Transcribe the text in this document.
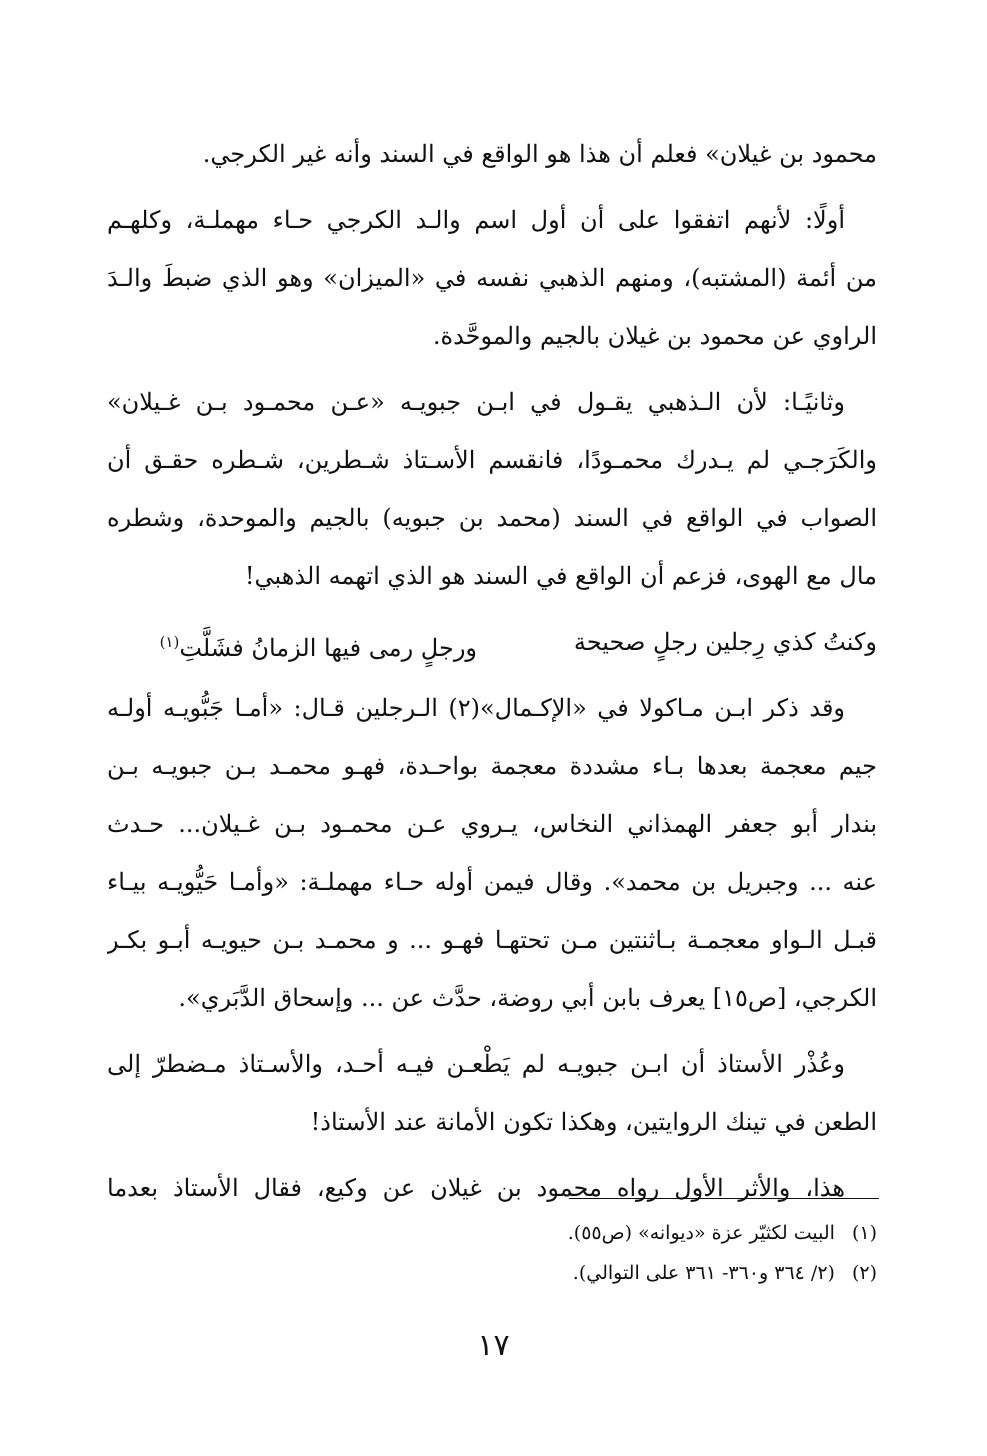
محمود بن غيلان» فعلم أن هذا هو الواقع في السند وأنه غير الكرجي.
أولًا: لأنهم اتفقوا على أن أول اسم والـد الكرجي حـاء مهملـة، وكلهـم
من أئمة (المشتبه)، ومنهم الذهبي نفسه في «الميزان» وهو الذي ضبطَ والـدَ
الراوي عن محمود بن غيلان بالجيم والموحَّدة.
وثانيًـا: لأن الـذهبي يقـول في ابـن جبويـه «عـن محمـود بـن غـيلان»
والكَرَجـي لم يـدرك محمـودًا، فانقسم الأسـتاذ شـطرين، شـطره حقـق أن
الصواب في الواقع في السند (محمد بن جبويه) بالجيم والموحدة، وشطره
مال مع الهوى، فزعم أن الواقع في السند هو الذي اتهمه الذهبي!
وكنتُ كذي رِجلين رجلٍ صحيحة
ورجلٍ رمى فيها الزمانُ فشَلَّتِ$^{(١)}$
وقد ذكر ابـن مـاكولا في «الإكـمال»(٢) الـرجلين قـال: «أمـا جَبُّويـه أولـه
جيم معجمة بعدها بـاء مشددة معجمة بواحـدة، فهـو محمـد بـن جبويـه بـن
بندار أبو جعفر الهمذاني النخاس، يـروي عـن محمـود بـن غـيلان... حـدث
عنه ... وجبريل بن محمد». وقال فيمن أوله حـاء مهملـة: «وأمـا حَيُّويـه بيـاء
قبـل الـواو معجمـة بـاثنتين مـن تحتهـا فهـو ... و محمـد بـن حيويـه أبـو بكـر
الكرجي، [ص١٥] يعرف بابن أبي روضة، حدَّث عن ... وإسحاق الدَّبَري».
وعُذْر الأستاذ أن ابـن جبويـه لم يَطْعـن فيـه أحـد، والأسـتاذ مـضطرّ إلى
الطعن في تينك الروايتين، وهكذا تكون الأمانة عند الأستاذ!
هذا، والأثر الأول رواه محمود بن غيلان عن وكيع، فقال الأستاذ بعدما
(١) البيت لكثيّر عزة «ديوانه» (ص٥٥).
(٢) (٢/ ٣٦٤ و٣٦٠- ٣٦١ على التوالي).
١٧
